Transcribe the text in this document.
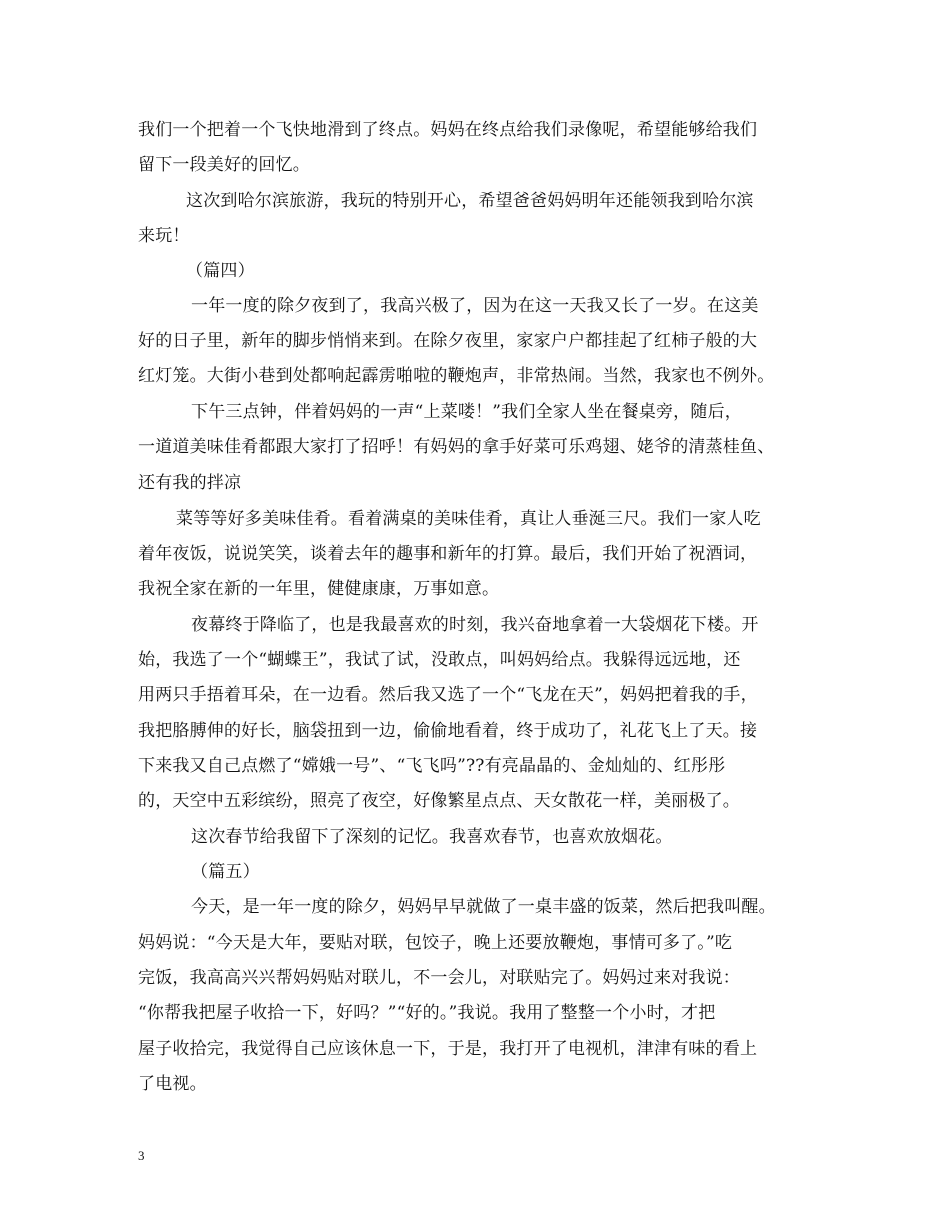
我们一个把着一个飞快地滑到了终点。妈妈在终点给我们录像呢，希望能够给我们
留下一段美好的回忆。
这次到哈尔滨旅游，我玩的特别开心，希望爸爸妈妈明年还能领我到哈尔滨
来玩！
（篇四）
一年一度的除夕夜到了，我高兴极了，因为在这一天我又长了一岁。在这美
好的日子里，新年的脚步悄悄来到。在除夕夜里，家家户户都挂起了红柿子般的大
红灯笼。大街小巷到处都响起霹雳啪啦的鞭炮声，非常热闹。当然，我家也不例外。
下午三点钟，伴着妈妈的一声“上菜喽！”我们全家人坐在餐桌旁，随后，
一道道美味佳肴都跟大家打了招呼！有妈妈的拿手好菜可乐鸡翅、姥爷的清蒸桂鱼、
还有我的拌凉
菜等等好多美味佳肴。看着满桌的美味佳肴，真让人垂涎三尺。我们一家人吃
着年夜饭，说说笑笑，谈着去年的趣事和新年的打算。最后，我们开始了祝酒词，
我祝全家在新的一年里，健健康康，万事如意。
夜幕终于降临了，也是我最喜欢的时刻，我兴奋地拿着一大袋烟花下楼。开
始，我选了一个“蝴蝶王”，我试了试，没敢点，叫妈妈给点。我躲得远远地，还
用两只手捂着耳朵，在一边看。然后我又选了一个“飞龙在天”，妈妈把着我的手，
我把胳膊伸的好长，脑袋扭到一边，偷偷地看着，终于成功了，礼花飞上了天。接
下来我又自己点燃了“嫦娥一号”、“飞飞吗”??有亮晶晶的、金灿灿的、红彤彤
的，天空中五彩缤纷，照亮了夜空，好像繁星点点、天女散花一样，美丽极了。
这次春节给我留下了深刻的记忆。我喜欢春节，也喜欢放烟花。
（篇五）
今天，是一年一度的除夕，妈妈早早就做了一桌丰盛的饭菜，然后把我叫醒。
妈妈说：“今天是大年，要贴对联，包饺子，晚上还要放鞭炮，事情可多了。”吃
完饭，我高高兴兴帮妈妈贴对联儿，不一会儿，对联贴完了。妈妈过来对我说：
“你帮我把屋子收拾一下，好吗？”“好的。”我说。我用了整整一个小时，才把
屋子收拾完，我觉得自己应该休息一下，于是，我打开了电视机，津津有味的看上
了电视。
3
